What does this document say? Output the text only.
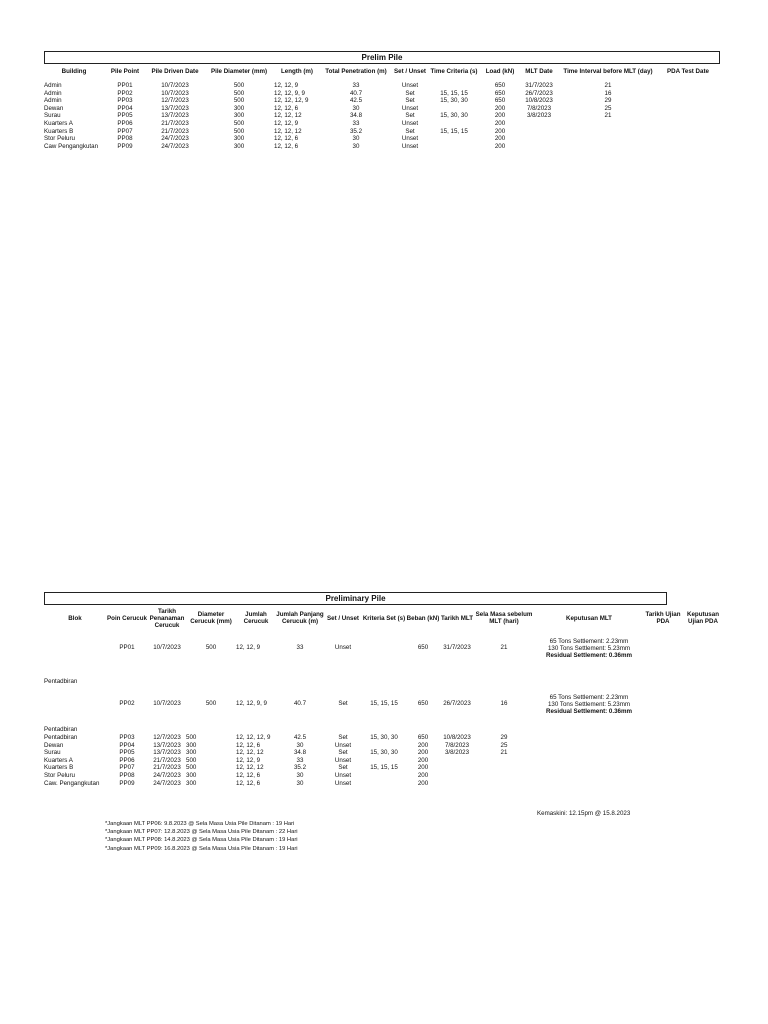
Prelim Pile
Building	Pile Point	Pile Driven Date	Pile Diameter (mm)	Length (m)	Total Penetration (m)	Set / Unset	Time Criteria (s)	Load (kN)	MLT Date	Time Interval before MLT (day)	PDA Test Date

Admin	PP01	10/7/2023	500	12, 12, 9	33	Unset		650	31/7/2023	21	
Admin	PP02	10/7/2023	500	12, 12, 9, 9	40.7	Set	15, 15, 15	650	26/7/2023	16	
Admin	PP03	12/7/2023	500	12, 12, 12, 9	42.5	Set	15, 30, 30	650	10/8/2023	29	
Dewan	PP04	13/7/2023	300	12, 12, 6	30	Unset		200	7/8/2023	25	
Surau	PP05	13/7/2023	300	12, 12, 12	34.8	Set	15, 30, 30	200	3/8/2023	21	
Kuarters A	PP06	21/7/2023	500	12, 12, 9	33	Unset		200			
Kuarters B	PP07	21/7/2023	500	12, 12, 12	35.2	Set	15, 15, 15	200			
Stor Peluru	PP08	24/7/2023	300	12, 12, 6	30	Unset		200			
Caw Pengangkutan	PP09	24/7/2023	300	12, 12, 6	30	Unset		200			
Preliminary Pile
Blok	Poin Cerucuk	Tarikh Penanaman Cerucuk	Diameter Cerucuk (mm)	Jumlah Cerucuk	Jumlah Panjang Cerucuk (m)	Set / Unset	Kriteria Set (s)	Beban (kN)	Tarikh MLT	Sela Masa sebelum MLT (hari)	Keputusan MLT	Tarikh Ujian PDA	Keputusan Ujian PDA
	PP01	10/7/2023	500	12, 12, 9	33	Unset		650	31/7/2023	21	65 Tons Settlement: 2.23mm
130 Tons Settlement: 5.23mm
Residual Settlement: 0.36mm		

Pentadbiran													
	PP02	10/7/2023	500	12, 12, 9, 9	40.7	Set	15, 15, 15	650	26/7/2023	16	65 Tons Settlement: 2.23mm
130 Tons Settlement: 5.23mm
Residual Settlement: 0.36mm		

Pentadbiran													
Pentadbiran	PP03	12/7/2023	500	12, 12, 12, 9	42.5	Set	15, 30, 30	650	10/8/2023	29			
Dewan	PP04	13/7/2023	300	12, 12, 6	30	Unset		200	7/8/2023	25			
Surau	PP05	13/7/2023	300	12, 12, 12	34.8	Set	15, 30, 30	200	3/8/2023	21			
Kuarters A	PP06	21/7/2023	500	12, 12, 9	33	Unset		200					
Kuarters B	PP07	21/7/2023	500	12, 12, 12	35.2	Set	15, 15, 15	200					
Stor Peluru	PP08	24/7/2023	300	12, 12, 6	30	Unset		200					
Caw. Pengangkutan	PP09	24/7/2023	300	12, 12, 6	30	Unset		200					
Kemaskini: 12.15pm @ 15.8.2023
*Jangkaan MLT PP06: 9.8.2023 @ Sela Masa Usia Pile Ditanam : 19 Hari
*Jangkaan MLT PP07: 12.8.2023 @ Sela Masa Usia Pile Ditanam : 22 Hari
*Jangkaan MLT PP08: 14.8.2023 @ Sela Masa Usia Pile Ditanam : 19 Hari
*Jangkaan MLT PP09: 16.8.2023 @ Sela Masa Usia Pile Ditanam : 19 Hari
